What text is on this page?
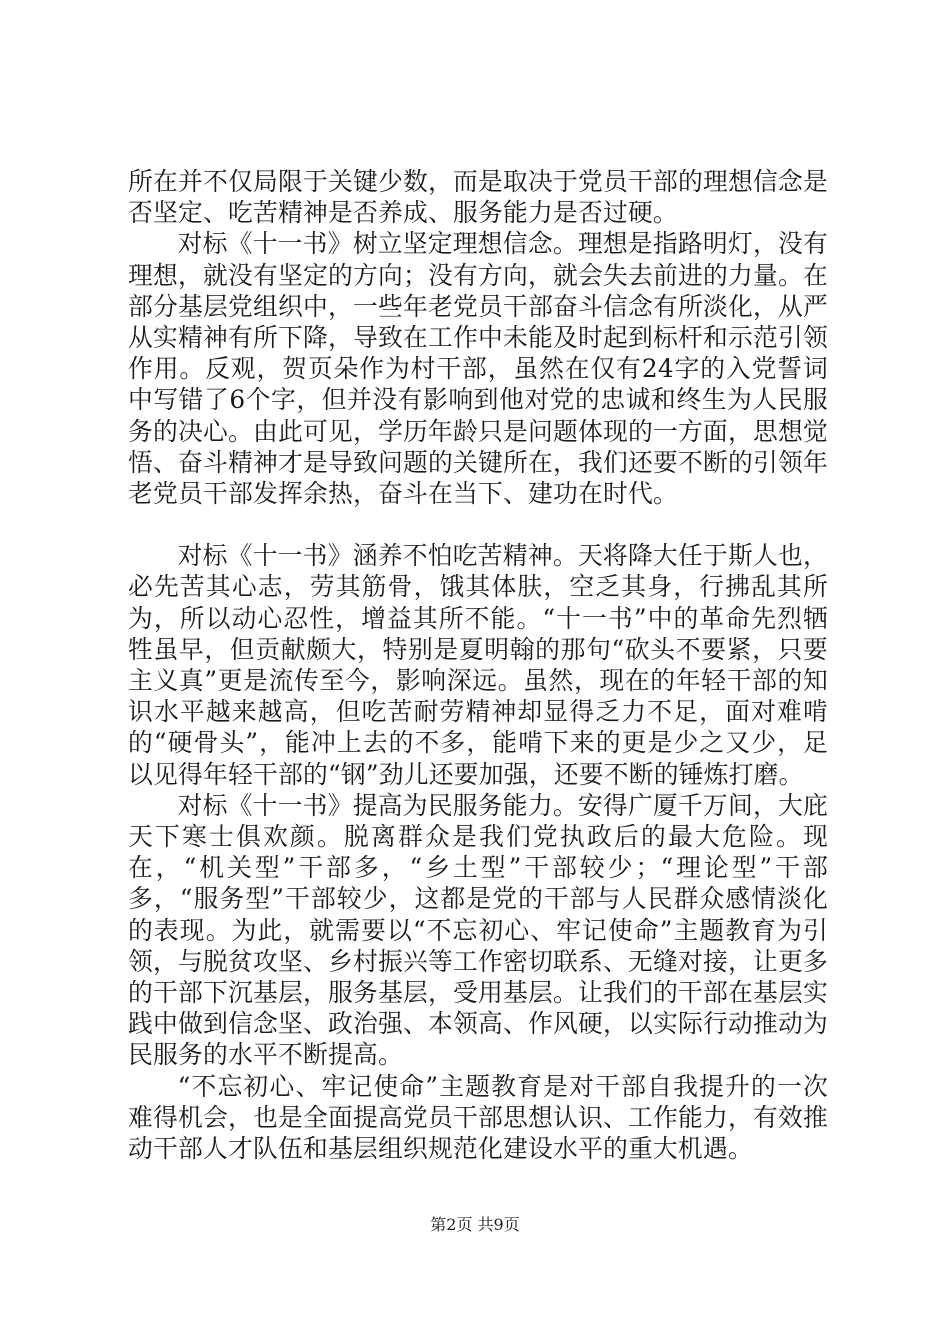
所在并不仅局限于关键少数，而是取决于党员干部的理想信念是否坚定、吃苦精神是否养成、服务能力是否过硬。

对标《十一书》树立坚定理想信念。理想是指路明灯，没有理想，就没有坚定的方向；没有方向，就会失去前进的力量。在部分基层党组织中，一些年老党员干部奋斗信念有所淡化，从严从实精神有所下降，导致在工作中未能及时起到标杆和示范引领作用。反观，贺页朵作为村干部，虽然在仅有24字的入党誓词中写错了6个字，但并没有影响到他对党的忠诚和终生为人民服务的决心。由此可见，学历年龄只是问题体现的一方面，思想觉悟、奋斗精神才是导致问题的关键所在，我们还要不断的引领年老党员干部发挥余热，奋斗在当下、建功在时代。

对标《十一书》涵养不怕吃苦精神。天将降大任于斯人也，必先苦其心志，劳其筋骨，饿其体肤，空乏其身，行拂乱其所为，所以动心忍性，增益其所不能。“十一书”中的革命先烈牺牲虽早，但贡献颇大，特别是夏明翰的那句“砍头不要紧，只要主义真”更是流传至今，影响深远。虽然，现在的年轻干部的知识水平越来越高，但吃苦耐劳精神却显得乏力不足，面对难啃的“硬骨头”，能冲上去的不多，能啃下来的更是少之又少，足以见得年轻干部的“钢”劲儿还要加强，还要不断的锤炼打磨。

对标《十一书》提高为民服务能力。安得广厦千万间，大庇天下寒士俱欢颜。脱离群众是我们党执政后的最大危险。现在，“机关型”干部多，“乡土型”干部较少；“理论型”干部多，“服务型”干部较少，这都是党的干部与人民群众感情淡化的表现。为此，就需要以“不忘初心、牢记使命”主题教育为引领，与脱贫攻坚、乡村振兴等工作密切联系、无缝对接，让更多的干部下沉基层，服务基层，受用基层。让我们的干部在基层实践中做到信念坚、政治强、本领高、作风硬，以实际行动推动为民服务的水平不断提高。

“不忘初心、牢记使命”主题教育是对干部自我提升的一次难得机会，也是全面提高党员干部思想认识、工作能力，有效推动干部人才队伍和基层组织规范化建设水平的重大机遇。

第2页 共9页
